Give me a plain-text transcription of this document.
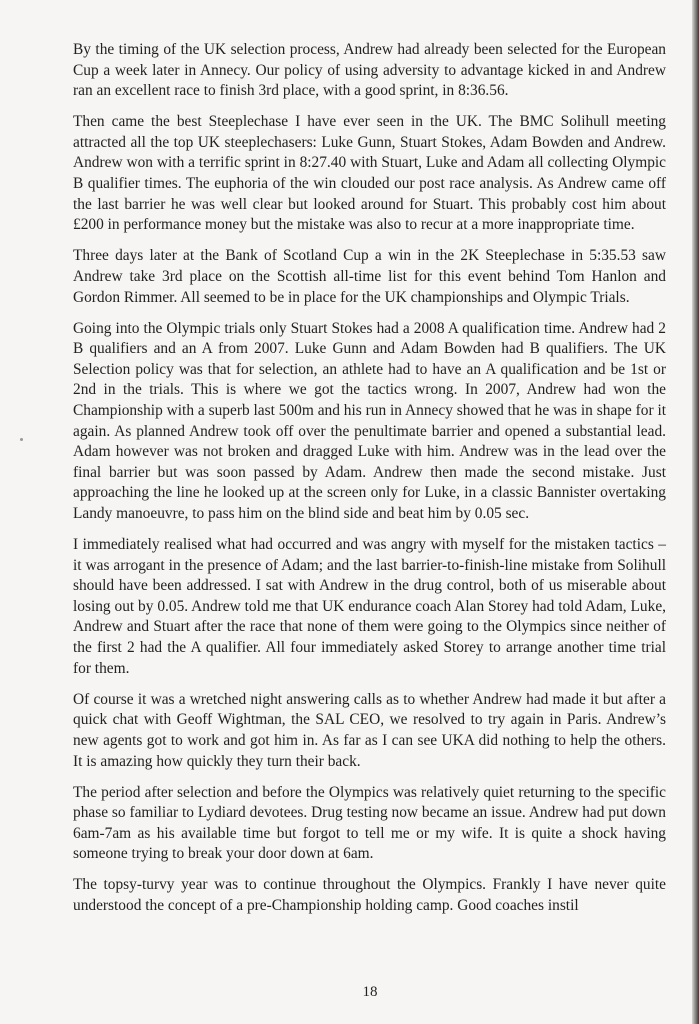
By the timing of the UK selection process, Andrew had already been selected for the European Cup a week later in Annecy. Our policy of using adversity to advantage kicked in and Andrew ran an excellent race to finish 3rd place, with a good sprint, in 8:36.56.

Then came the best Steeplechase I have ever seen in the UK. The BMC Solihull meeting attracted all the top UK steeplechasers: Luke Gunn, Stuart Stokes, Adam Bowden and Andrew. Andrew won with a terrific sprint in 8:27.40 with Stuart, Luke and Adam all collecting Olympic B qualifier times. The euphoria of the win clouded our post race analysis. As Andrew came off the last barrier he was well clear but looked around for Stuart. This probably cost him about £200 in performance money but the mistake was also to recur at a more inappropriate time.

Three days later at the Bank of Scotland Cup a win in the 2K Steeplechase in 5:35.53 saw Andrew take 3rd place on the Scottish all-time list for this event behind Tom Hanlon and Gordon Rimmer. All seemed to be in place for the UK championships and Olympic Trials.

Going into the Olympic trials only Stuart Stokes had a 2008 A qualification time. Andrew had 2 B qualifiers and an A from 2007. Luke Gunn and Adam Bowden had B qualifiers. The UK Selection policy was that for selection, an athlete had to have an A qualification and be 1st or 2nd in the trials. This is where we got the tactics wrong. In 2007, Andrew had won the Championship with a superb last 500m and his run in Annecy showed that he was in shape for it again. As planned Andrew took off over the penultimate barrier and opened a substantial lead. Adam however was not broken and dragged Luke with him. Andrew was in the lead over the final barrier but was soon passed by Adam. Andrew then made the second mistake. Just approaching the line he looked up at the screen only for Luke, in a classic Bannister overtaking Landy manoeuvre, to pass him on the blind side and beat him by 0.05 sec.

I immediately realised what had occurred and was angry with myself for the mistaken tactics – it was arrogant in the presence of Adam; and the last barrier-to-finish-line mistake from Solihull should have been addressed. I sat with Andrew in the drug control, both of us miserable about losing out by 0.05. Andrew told me that UK endurance coach Alan Storey had told Adam, Luke, Andrew and Stuart after the race that none of them were going to the Olympics since neither of the first 2 had the A qualifier. All four immediately asked Storey to arrange another time trial for them.

Of course it was a wretched night answering calls as to whether Andrew had made it but after a quick chat with Geoff Wightman, the SAL CEO, we resolved to try again in Paris. Andrew’s new agents got to work and got him in. As far as I can see UKA did nothing to help the others. It is amazing how quickly they turn their back.

The period after selection and before the Olympics was relatively quiet returning to the specific phase so familiar to Lydiard devotees. Drug testing now became an issue. Andrew had put down 6am-7am as his available time but forgot to tell me or my wife. It is quite a shock having someone trying to break your door down at 6am.

The topsy-turvy year was to continue throughout the Olympics. Frankly I have never quite understood the concept of a pre-Championship holding camp. Good coaches instil

18
